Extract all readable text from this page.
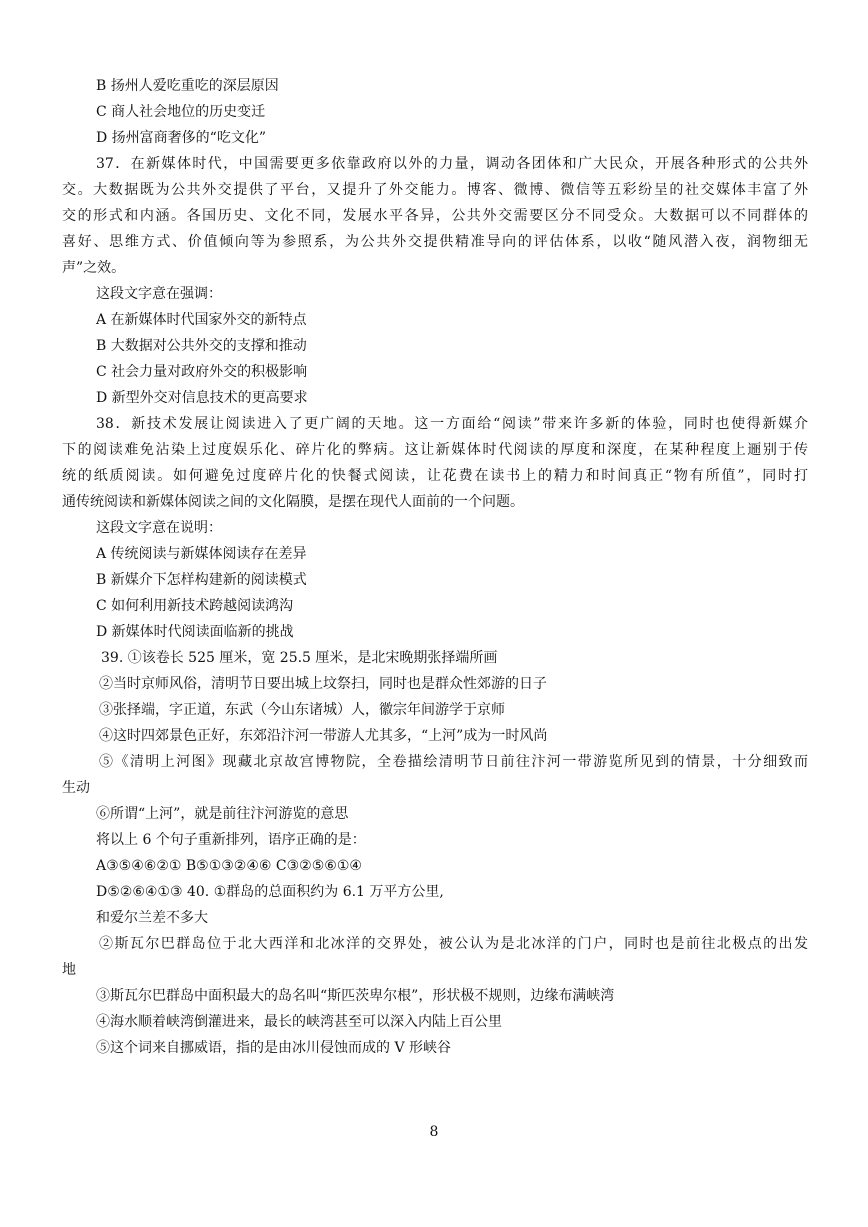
B 扬州人爱吃重吃的深层原因
C 商人社会地位的历史变迁
D 扬州富商奢侈的“吃文化”
37．在新媒体时代，中国需要更多依靠政府以外的力量，调动各团体和广大民众，开展各种形式的公共外
交。大数据既为公共外交提供了平台，又提升了外交能力。博客、微博、微信等五彩纷呈的社交媒体丰富了外
交的形式和内涵。各国历史、文化不同，发展水平各异，公共外交需要区分不同受众。大数据可以不同群体的
喜好、思维方式、价值倾向等为参照系，为公共外交提供精准导向的评估体系，以收“随风潜入夜，润物细无
声”之效。
这段文字意在强调：
A 在新媒体时代国家外交的新特点
B 大数据对公共外交的支撑和推动
C 社会力量对政府外交的积极影响
D 新型外交对信息技术的更高要求
38．新技术发展让阅读进入了更广阔的天地。这一方面给“阅读”带来许多新的体验，同时也使得新媒介
下的阅读难免沾染上过度娱乐化、碎片化的弊病。这让新媒体时代阅读的厚度和深度，在某种程度上逦别于传
统的纸质阅读。如何避免过度碎片化的快餐式阅读，让花费在读书上的精力和时间真正“物有所值”，同时打
通传统阅读和新媒体阅读之间的文化隔膜，是摆在现代人面前的一个问题。
这段文字意在说明：
A 传统阅读与新媒体阅读存在差异
B 新媒介下怎样构建新的阅读模式
C 如何利用新技术跨越阅读鸿沟
D 新媒体时代阅读面临新的挑战
39. ①该卷长 525 厘米，宽 25.5 厘米，是北宋晚期张择端所画
②当时京师风俗，清明节日要出城上坟祭扫，同时也是群众性郊游的日子
③张择端，字正道，东武（今山东诸城）人，徽宗年间游学于京师
④这时四郊景色正好，东郊沿汴河一带游人尤其多，“上河”成为一时风尚
⑤《清明上河图》现藏北京故宫博物院，全卷描绘清明节日前往汴河一带游览所见到的情景，十分细致而
生动
⑥所谓“上河”，就是前往汴河游览的意思
将以上 6 个句子重新排列，语序正确的是：
A③⑤④⑥②① B⑤①③②④⑥ C③②⑤⑥①④
D⑤②⑥④①③ 40. ①群岛的总面积约为 6.1 万平方公里,
和爱尔兰差不多大
②斯瓦尔巴群岛位于北大西洋和北冰洋的交界处，被公认为是北冰洋的门户，同时也是前往北极点的出发
地
③斯瓦尔巴群岛中面积最大的岛名叫“斯匹茨卑尔根”，形状极不规则，边缘布满峡湾
④海水顺着峡湾倒灌进来，最长的峡湾甚至可以深入内陆上百公里
⑤这个词来自挪威语，指的是由冰川侵蚀而成的 V 形峡谷
8
